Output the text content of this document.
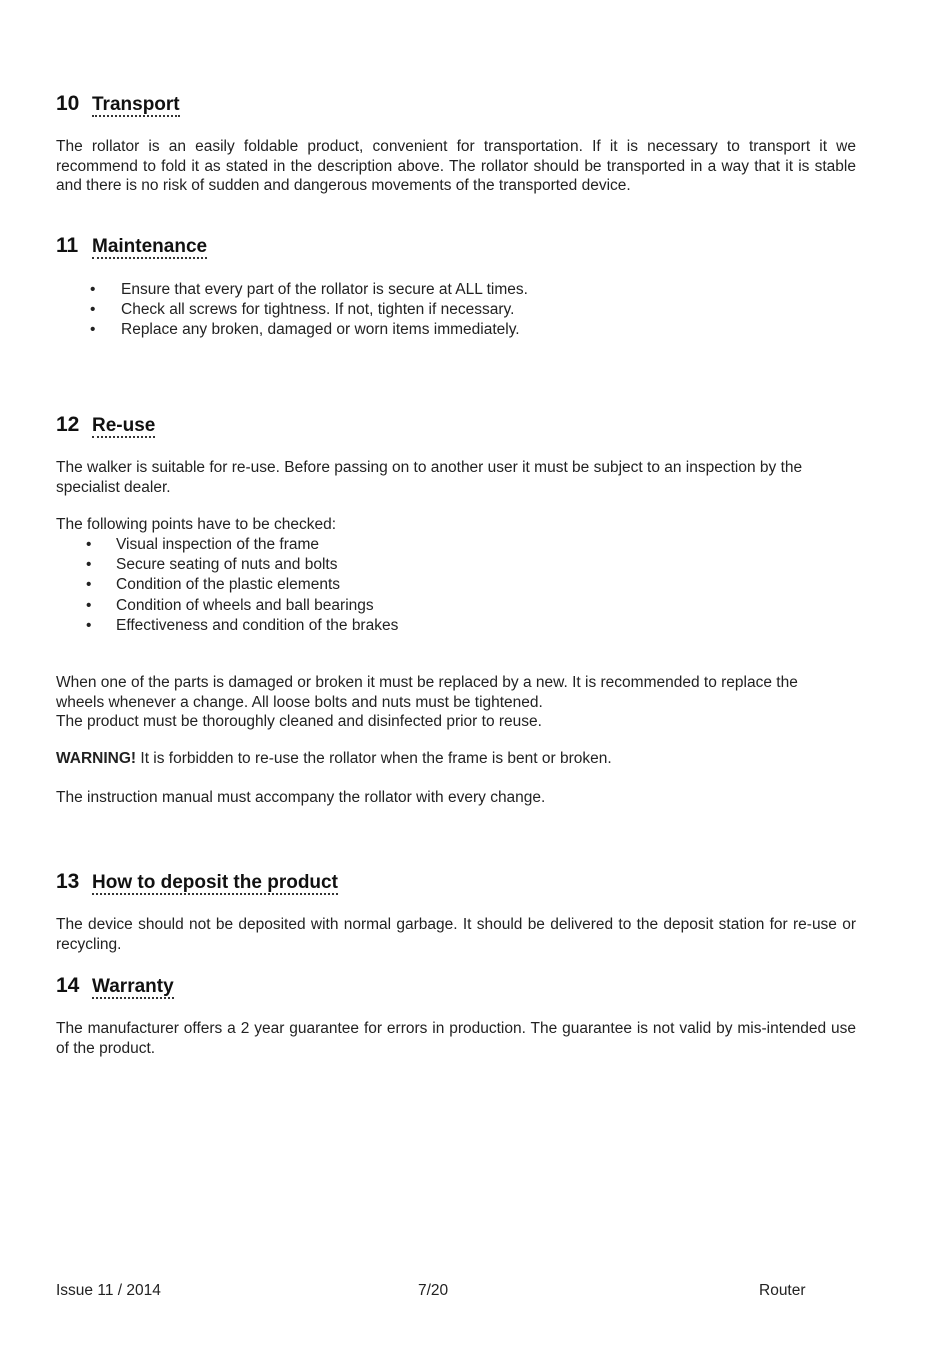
10 Transport
The rollator is an easily foldable product, convenient for transportation. If it is necessary to transport it we recommend to fold it as stated in the description above. The rollator should be transported in a way that it is stable and there is no risk of sudden and dangerous movements of the transported device.
11 Maintenance
• Ensure that every part of the rollator is secure at ALL times.
• Check all screws for tightness. If not, tighten if necessary.
• Replace any broken, damaged or worn items immediately.
12 Re-use
The walker is suitable for re-use. Before passing on to another user it must be subject to an inspection by the specialist dealer.
The following points have to be checked:
• Visual inspection of the frame
• Secure seating of nuts and bolts
• Condition of the plastic elements
• Condition of wheels and ball bearings
• Effectiveness and condition of the brakes
When one of the parts is damaged or broken it must be replaced by a new. It is recommended to replace the
wheels whenever a change. All loose bolts and nuts must be tightened.
The product must be thoroughly cleaned and disinfected prior to reuse.
WARNING! It is forbidden to re-use the rollator when the frame is bent or broken.
The instruction manual must accompany the rollator with every change.
13 How to deposit the product
The device should not be deposited with normal garbage. It should be delivered to the deposit station for re-use or recycling.
14 Warranty
The manufacturer offers a 2 year guarantee for errors in production. The guarantee is not valid by mis-intended use of the product.
Issue 11 / 2014	7/20	Router
